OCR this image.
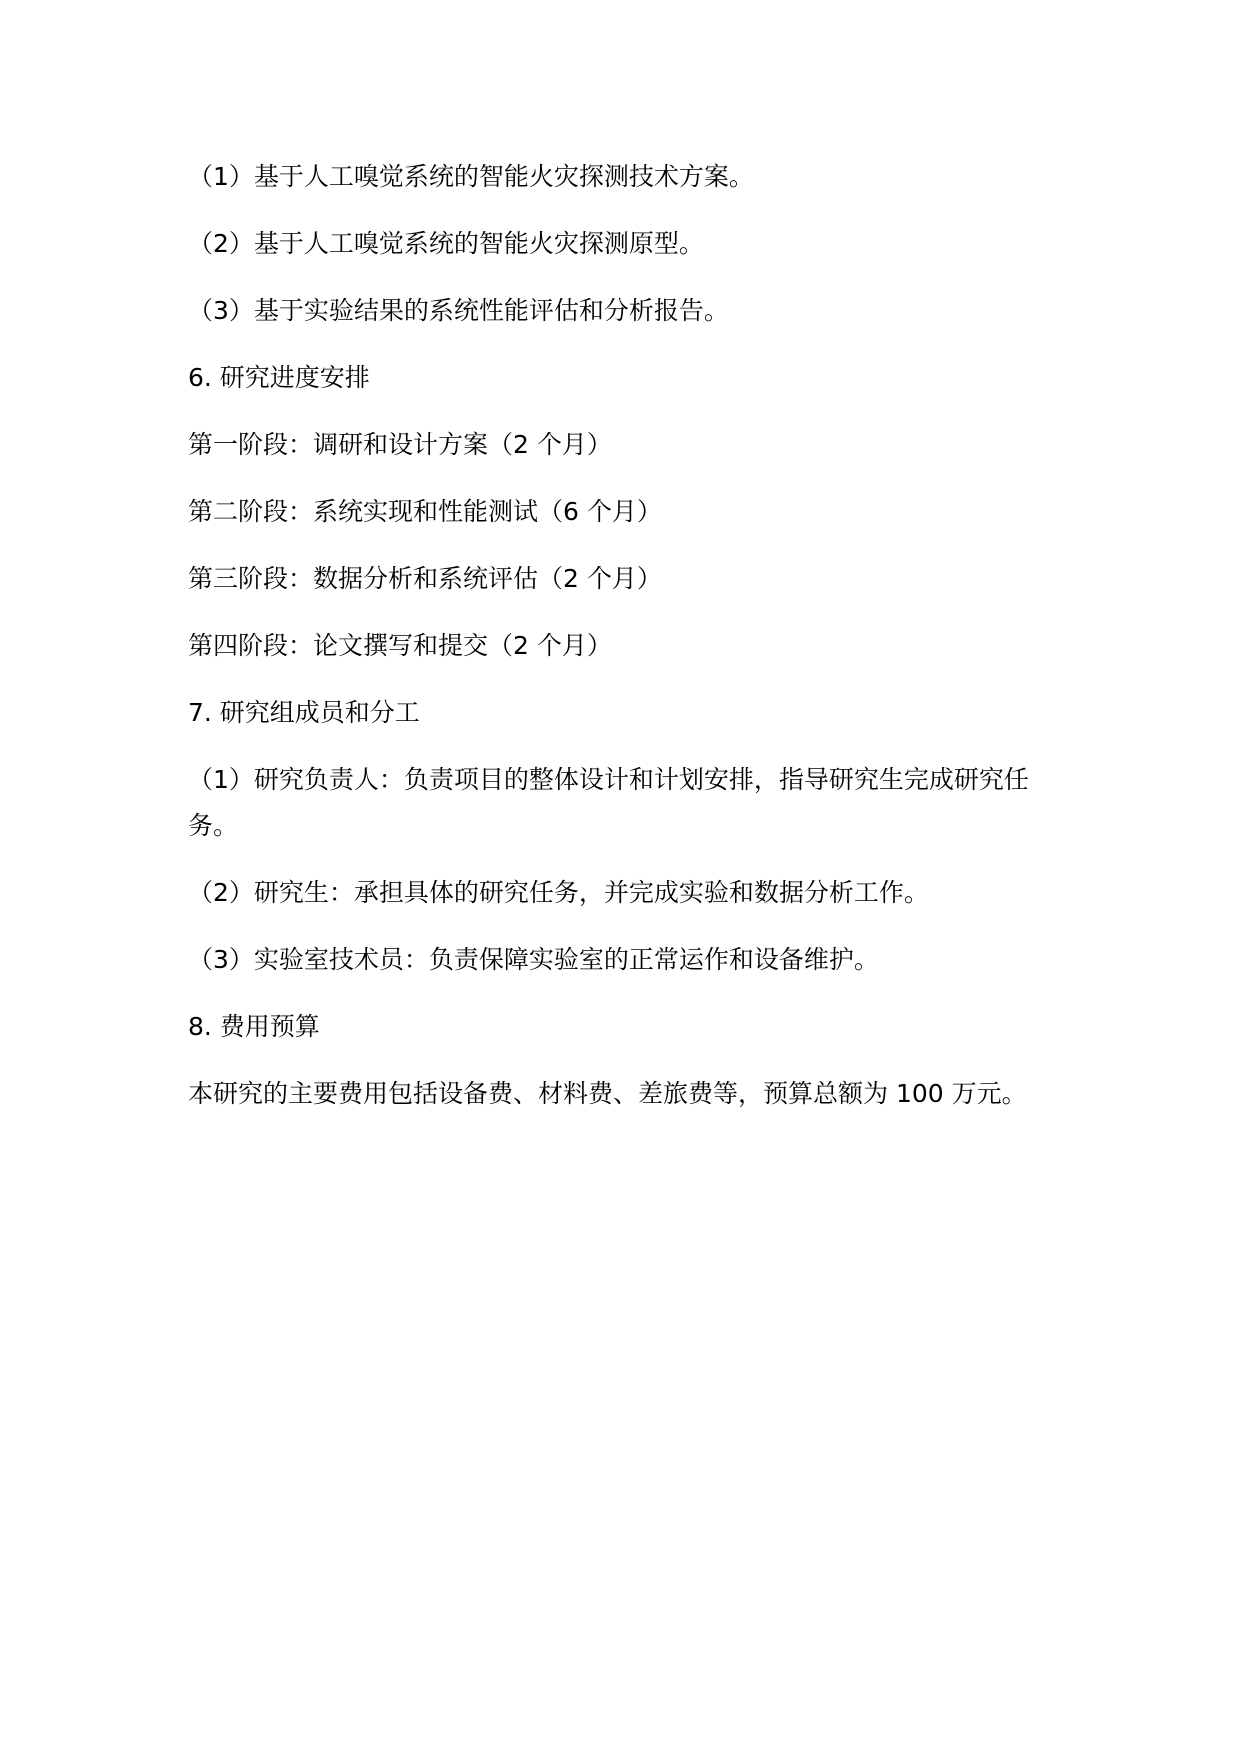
（1）基于人工嗅觉系统的智能火灾探测技术方案。

（2）基于人工嗅觉系统的智能火灾探测原型。

（3）基于实验结果的系统性能评估和分析报告。

6. 研究进度安排

第一阶段：调研和设计方案（2 个月）

第二阶段：系统实现和性能测试（6 个月）

第三阶段：数据分析和系统评估（2 个月）

第四阶段：论文撰写和提交（2 个月）

7. 研究组成员和分工

（1）研究负责人：负责项目的整体设计和计划安排，指导研究生完成研究任务。

（2）研究生：承担具体的研究任务，并完成实验和数据分析工作。

（3）实验室技术员：负责保障实验室的正常运作和设备维护。

8. 费用预算

本研究的主要费用包括设备费、材料费、差旅费等，预算总额为 100 万元。
